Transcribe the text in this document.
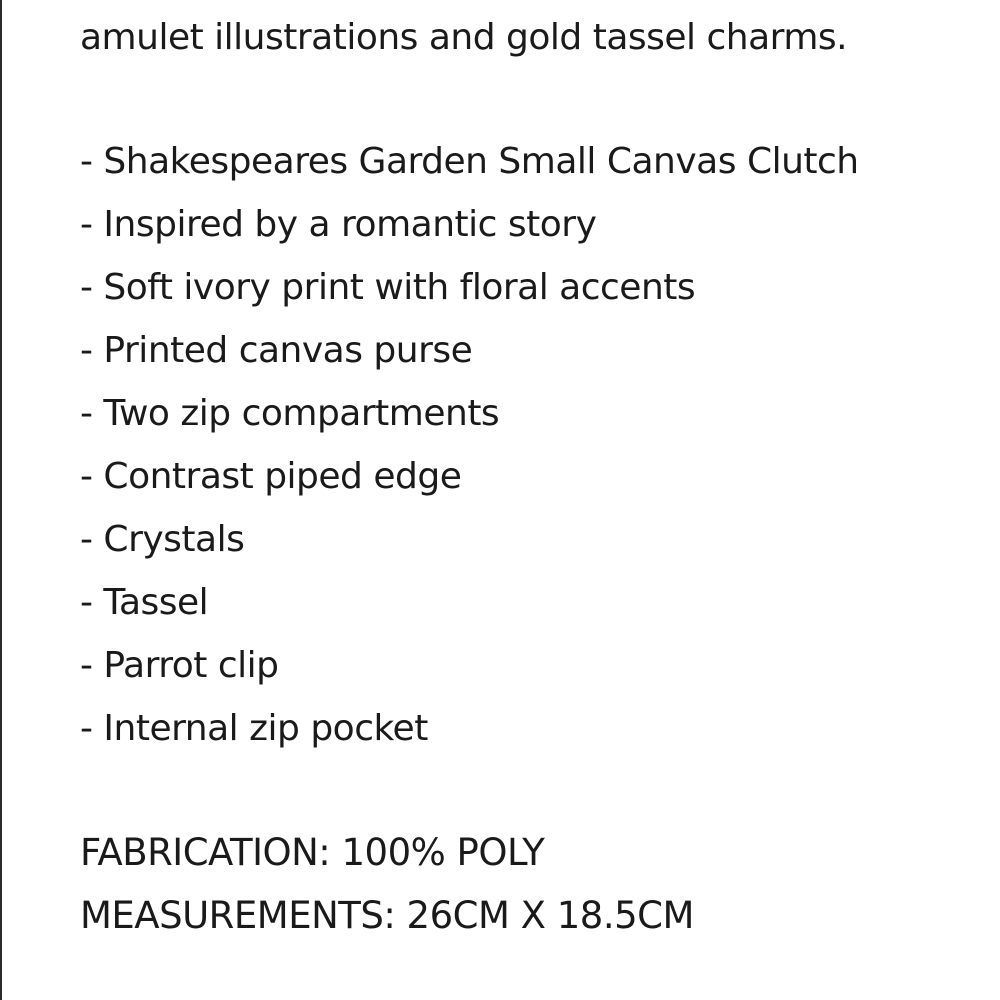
amulet illustrations and gold tassel charms.
- Shakespeares Garden Small Canvas Clutch
- Inspired by a romantic story
- Soft ivory print with floral accents
- Printed canvas purse
- Two zip compartments
- Contrast piped edge
- Crystals
- Tassel
- Parrot clip
- Internal zip pocket
FABRICATION: 100% POLY
MEASUREMENTS: 26CM X 18.5CM
